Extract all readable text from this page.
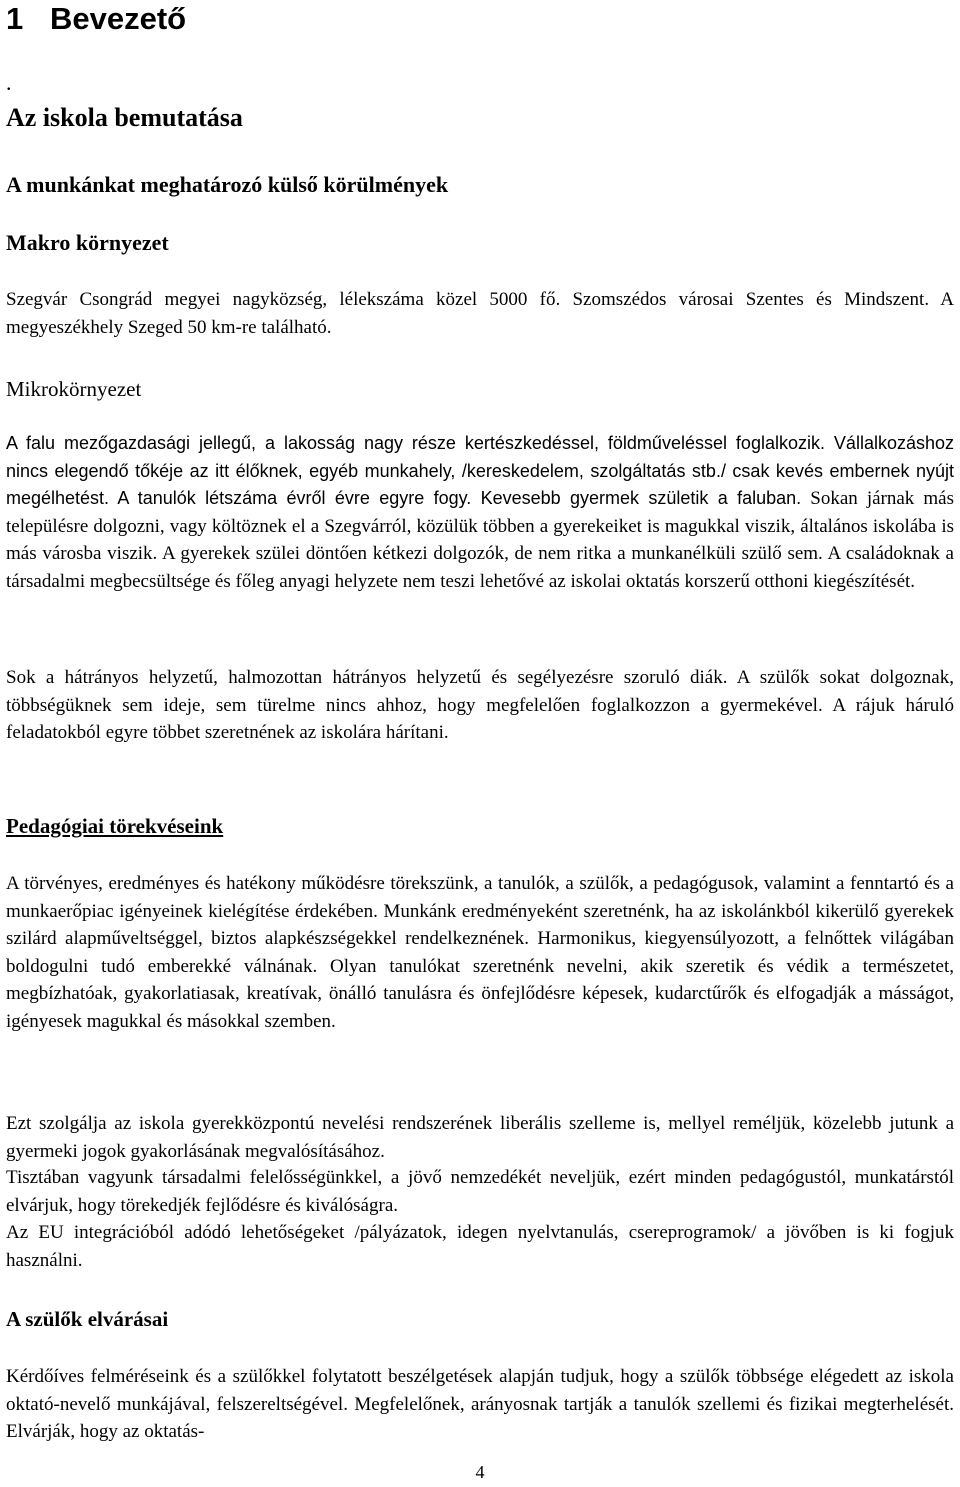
1 Bevezető
.
Az iskola bemutatása
A munkánkat meghatározó külső körülmények
Makro környezet

Szegvár Csongrád megyei nagyközség, lélekszáma közel 5000 fő. Szomszédos városai Szentes és Mindszent. A megyeszékhely Szeged 50 km-re található.

Mikrokörnyezet

A falu mezőgazdasági jellegű, a lakosság nagy része kertészkedéssel, földműveléssel foglalkozik. Vállalkozáshoz nincs elegendő tőkéje az itt élőknek, egyéb munkahely, /kereskedelem, szolgáltatás stb./ csak kevés embernek nyújt megélhetést. A tanulók létszáma évről évre egyre fogy. Kevesebb gyermek születik a faluban. Sokan járnak más településre dolgozni, vagy költöznek el a Szegvárról, közülük többen a gyerekeiket is magukkal viszik, általános iskolába is más városba viszik. A gyerekek szülei döntően kétkezi dolgozók, de nem ritka a munkanélküli szülő sem. A családoknak a társadalmi megbecsültsége és főleg anyagi helyzete nem teszi lehetővé az iskolai oktatás korszerű otthoni kiegészítését.

Sok a hátrányos helyzetű, halmozottan hátrányos helyzetű és segélyezésre szoruló diák. A szülők sokat dolgoznak, többségüknek sem ideje, sem türelme nincs ahhoz, hogy megfelelően foglalkozzon a gyermekével. A rájuk háruló feladatokból egyre többet szeretnének az iskolára hárítani.

Pedagógiai törekvéseink

A törvényes, eredményes és hatékony működésre törekszünk, a tanulók, a szülők, a pedagógusok, valamint a fenntartó és a munkaerőpiac igényeinek kielégítése érdekében. Munkánk eredményeként szeretnénk, ha az iskolánkból kikerülő gyerekek szilárd alapműveltséggel, biztos alapkészségekkel rendelkeznének. Harmonikus, kiegyensúlyozott, a felnőttek világában boldogulni tudó emberekké válnának. Olyan tanulókat szeretnénk nevelni, akik szeretik és védik a természetet, megbízhatóak, gyakorlatiasak, kreatívak, önálló tanulásra és önfejlődésre képesek, kudarctűrők és elfogadják a másságot, igényesek magukkal és másokkal szemben.

Ezt szolgálja az iskola gyerekközpontú nevelési rendszerének liberális szelleme is, mellyel reméljük, közelebb jutunk a gyermeki jogok gyakorlásának megvalósításához.

Tisztában vagyunk társadalmi felelősségünkkel, a jövő nemzedékét neveljük, ezért minden pedagógustól, munkatárstól elvárjuk, hogy törekedjék fejlődésre és kiválóságra.

Az EU integrációból adódó lehetőségeket /pályázatok, idegen nyelvtanulás, csereprogramok/ a jövőben is ki fogjuk használni.

A szülők elvárásai

Kérdőíves felméréseink és a szülőkkel folytatott beszélgetések alapján tudjuk, hogy a szülők többsége elégedett az iskola oktató-nevelő munkájával, felszereltségével. Megfelelőnek, arányosnak tartják a tanulók szellemi és fizikai megterhelését. Elvárják, hogy az oktatás-

4
